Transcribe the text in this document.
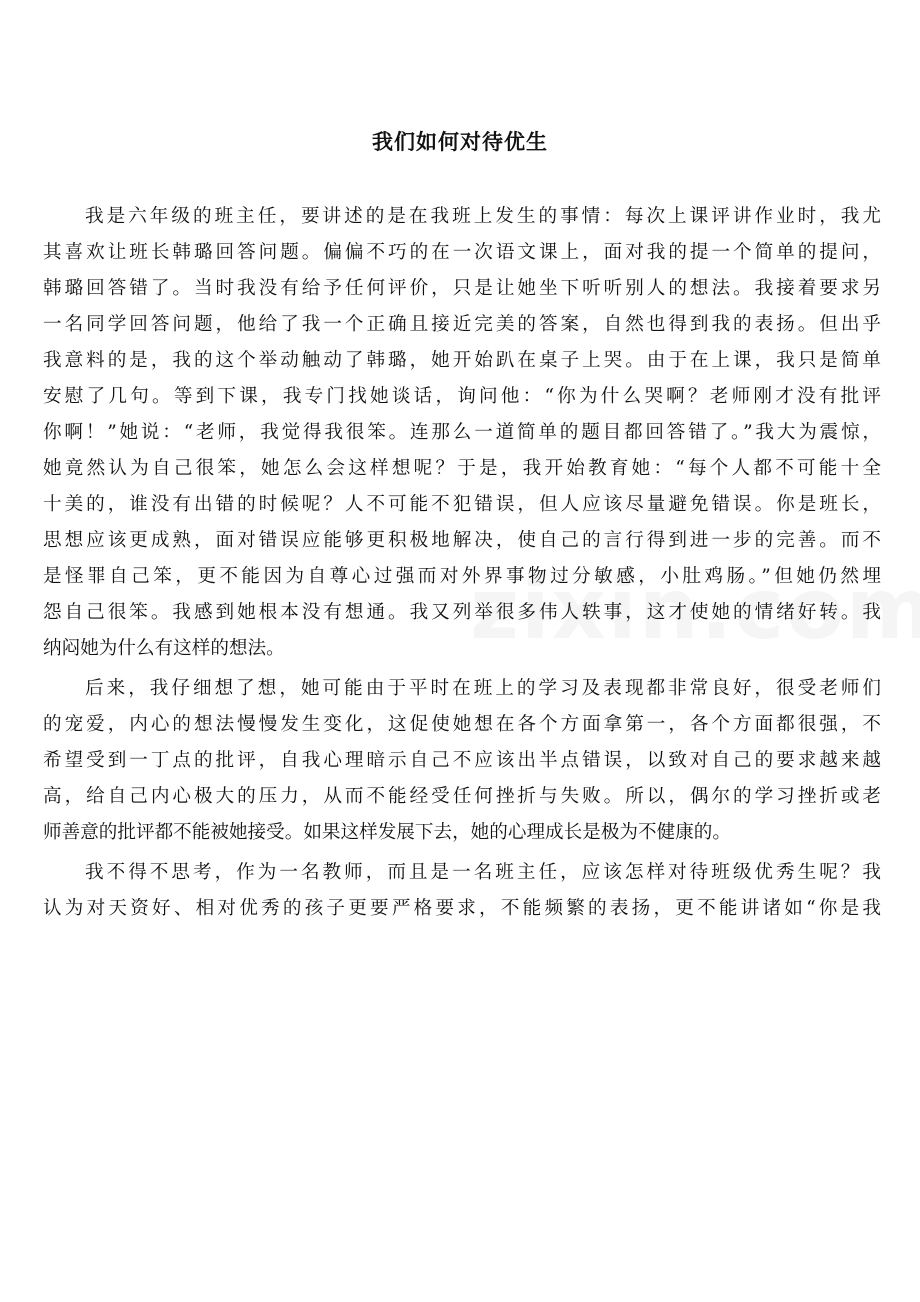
我们如何对待优生
我是六年级的班主任，要讲述的是在我班上发生的事情：每次上课评讲作业时，我尤
其喜欢让班长韩璐回答问题。偏偏不巧的在一次语文课上，面对我的提一个简单的提问，
韩璐回答错了。当时我没有给予任何评价，只是让她坐下听听别人的想法。我接着要求另
一名同学回答问题，他给了我一个正确且接近完美的答案，自然也得到我的表扬。但出乎
我意料的是，我的这个举动触动了韩璐，她开始趴在桌子上哭。由于在上课，我只是简单
安慰了几句。等到下课，我专门找她谈话，询问他：“你为什么哭啊？老师刚才没有批评
你啊！”她说：“老师，我觉得我很笨。连那么一道简单的题目都回答错了。”我大为震惊，
她竟然认为自己很笨，她怎么会这样想呢？于是，我开始教育她：“每个人都不可能十全
十美的，谁没有出错的时候呢？人不可能不犯错误，但人应该尽量避免错误。你是班长，
思想应该更成熟，面对错误应能够更积极地解决，使自己的言行得到进一步的完善。而不
是怪罪自己笨，更不能因为自尊心过强而对外界事物过分敏感，小肚鸡肠。”但她仍然埋
怨自己很笨。我感到她根本没有想通。我又列举很多伟人轶事，这才使她的情绪好转。我
纳闷她为什么有这样的想法。
后来，我仔细想了想，她可能由于平时在班上的学习及表现都非常良好，很受老师们
的宠爱，内心的想法慢慢发生变化，这促使她想在各个方面拿第一，各个方面都很强，不
希望受到一丁点的批评，自我心理暗示自己不应该出半点错误，以致对自己的要求越来越
高，给自己内心极大的压力，从而不能经受任何挫折与失败。所以，偶尔的学习挫折或老
师善意的批评都不能被她接受。如果这样发展下去，她的心理成长是极为不健康的。
我不得不思考，作为一名教师，而且是一名班主任，应该怎样对待班级优秀生呢？我
认为对天资好、相对优秀的孩子更要严格要求，不能频繁的表扬，更不能讲诸如“你是我
